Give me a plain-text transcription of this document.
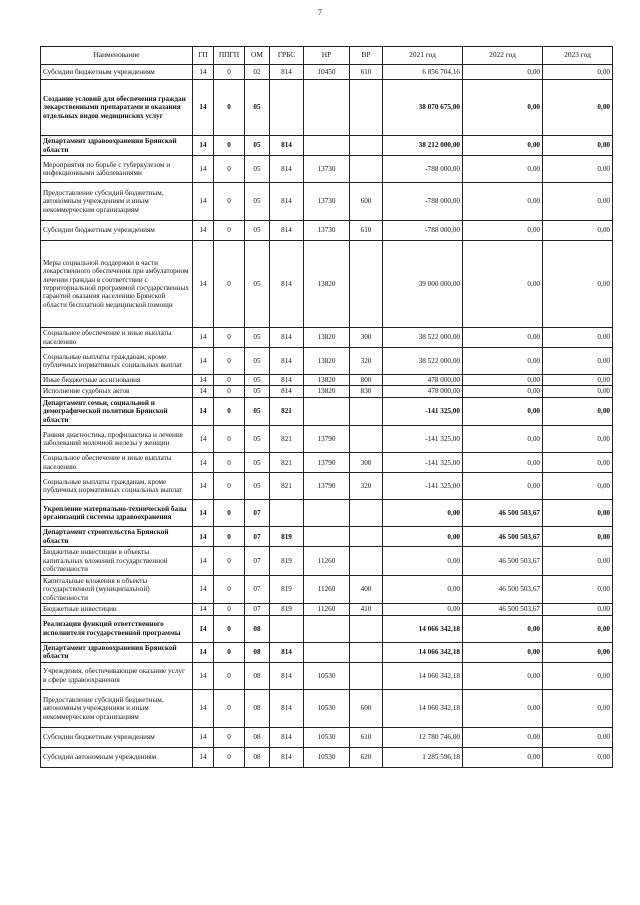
7
Наименование	ГП	ППГП	ОМ	ГРБС	НР	ВР	2021 год	2022 год	2023 год
Субсидии бюджетным учреждениям	14	0	02	814	10450	610	6 856 704,16	0,00	0,00
Создание условий для обеспечения граждан лекарственными препаратами и оказания отдельных видов медицинских услуг	14	0	05				38 070 675,00	0,00	0,00
Департамент здравоохранения Брянской области	14	0	05	814			38 212 000,00	0,00	0,00
Мероприятия по борьбе с туберкулезом и инфекционными заболеваниями	14	0	05	814	13730		-788 000,00	0,00	0,00
Предоставление субсидий бюджетным, автономным учреждениям и иным некоммерческим организациям	14	0	05	814	13730	600	-788 000,00	0,00	0,00
Субсидии бюджетным учреждениям	14	0	05	814	13730	610	-788 000,00	0,00	0,00
Меры социальной поддержки в части лекарственного обеспечения при амбулаторном лечении граждан в соответствии с территориальной программой государственных гарантий оказания населению Брянской области бесплатной медицинской помощи	14	0	05	814	13820		39 000 000,00	0,00	0,00
Социальное обеспечение и иные выплаты населению	14	0	05	814	13820	300	38 522 000,00	0,00	0,00
Социальные выплаты гражданам, кроме публичных нормативных социальных выплат	14	0	05	814	13820	320	38 522 000,00	0,00	0,00
Иные бюджетные ассигнования	14	0	05	814	13820	800	478 000,00	0,00	0,00
Исполнение судебных актов	14	0	05	814	13820	830	478 000,00	0,00	0,00
Департамент семьи, социальной и демографической политики Брянской области	14	0	05	821			-141 325,00	0,00	0,00
Ранняя диагностика, профилактика и лечение заболеваний молочной железы у женщин	14	0	05	821	13790		-141 325,00	0,00	0,00
Социальное обеспечение и иные выплаты населению	14	0	05	821	13790	300	-141 325,00	0,00	0,00
Социальные выплаты гражданам, кроме публичных нормативных социальных выплат	14	0	05	821	13790	320	-141 325,00	0,00	0,00
Укрепление материально-технической базы организаций системы здравоохранения	14	0	07				0,00	46 500 503,67	0,00
Департамент строительства Брянской области	14	0	07	819			0,00	46 500 503,67	0,00
Бюджетные инвестиции в объекты капитальных вложений государственной собственности	14	0	07	819	11260		0,00	46 500 503,67	0,00
Капитальные вложения в объекты государственной (муниципальной) собственности	14	0	07	819	11260	400	0,00	46 500 503,67	0,00
Бюджетные инвестиции	14	0	07	819	11260	410	0,00	46 500 503,67	0,00
Реализация функций ответственного исполнителя государственной программы	14	0	08				14 066 342,18	0,00	0,00
Департамент здравоохранения Брянской области	14	0	08	814			14 066 342,18	0,00	0,00
Учреждения, обеспечивающие оказание услуг в сфере здравоохранения	14	0	08	814	10530		14 066 342,18	0,00	0,00
Предоставление субсидий бюджетным, автономным учреждениям и иным некоммерческим организациям	14	0	08	814	10530	600	14 066 342,18	0,00	0,00
Субсидии бюджетным учреждениям	14	0	08	814	10530	610	12 780 746,00	0,00	0,00
Субсидии автономным учреждениям	14	0	08	814	10530	620	1 285 596,18	0,00	0,00
